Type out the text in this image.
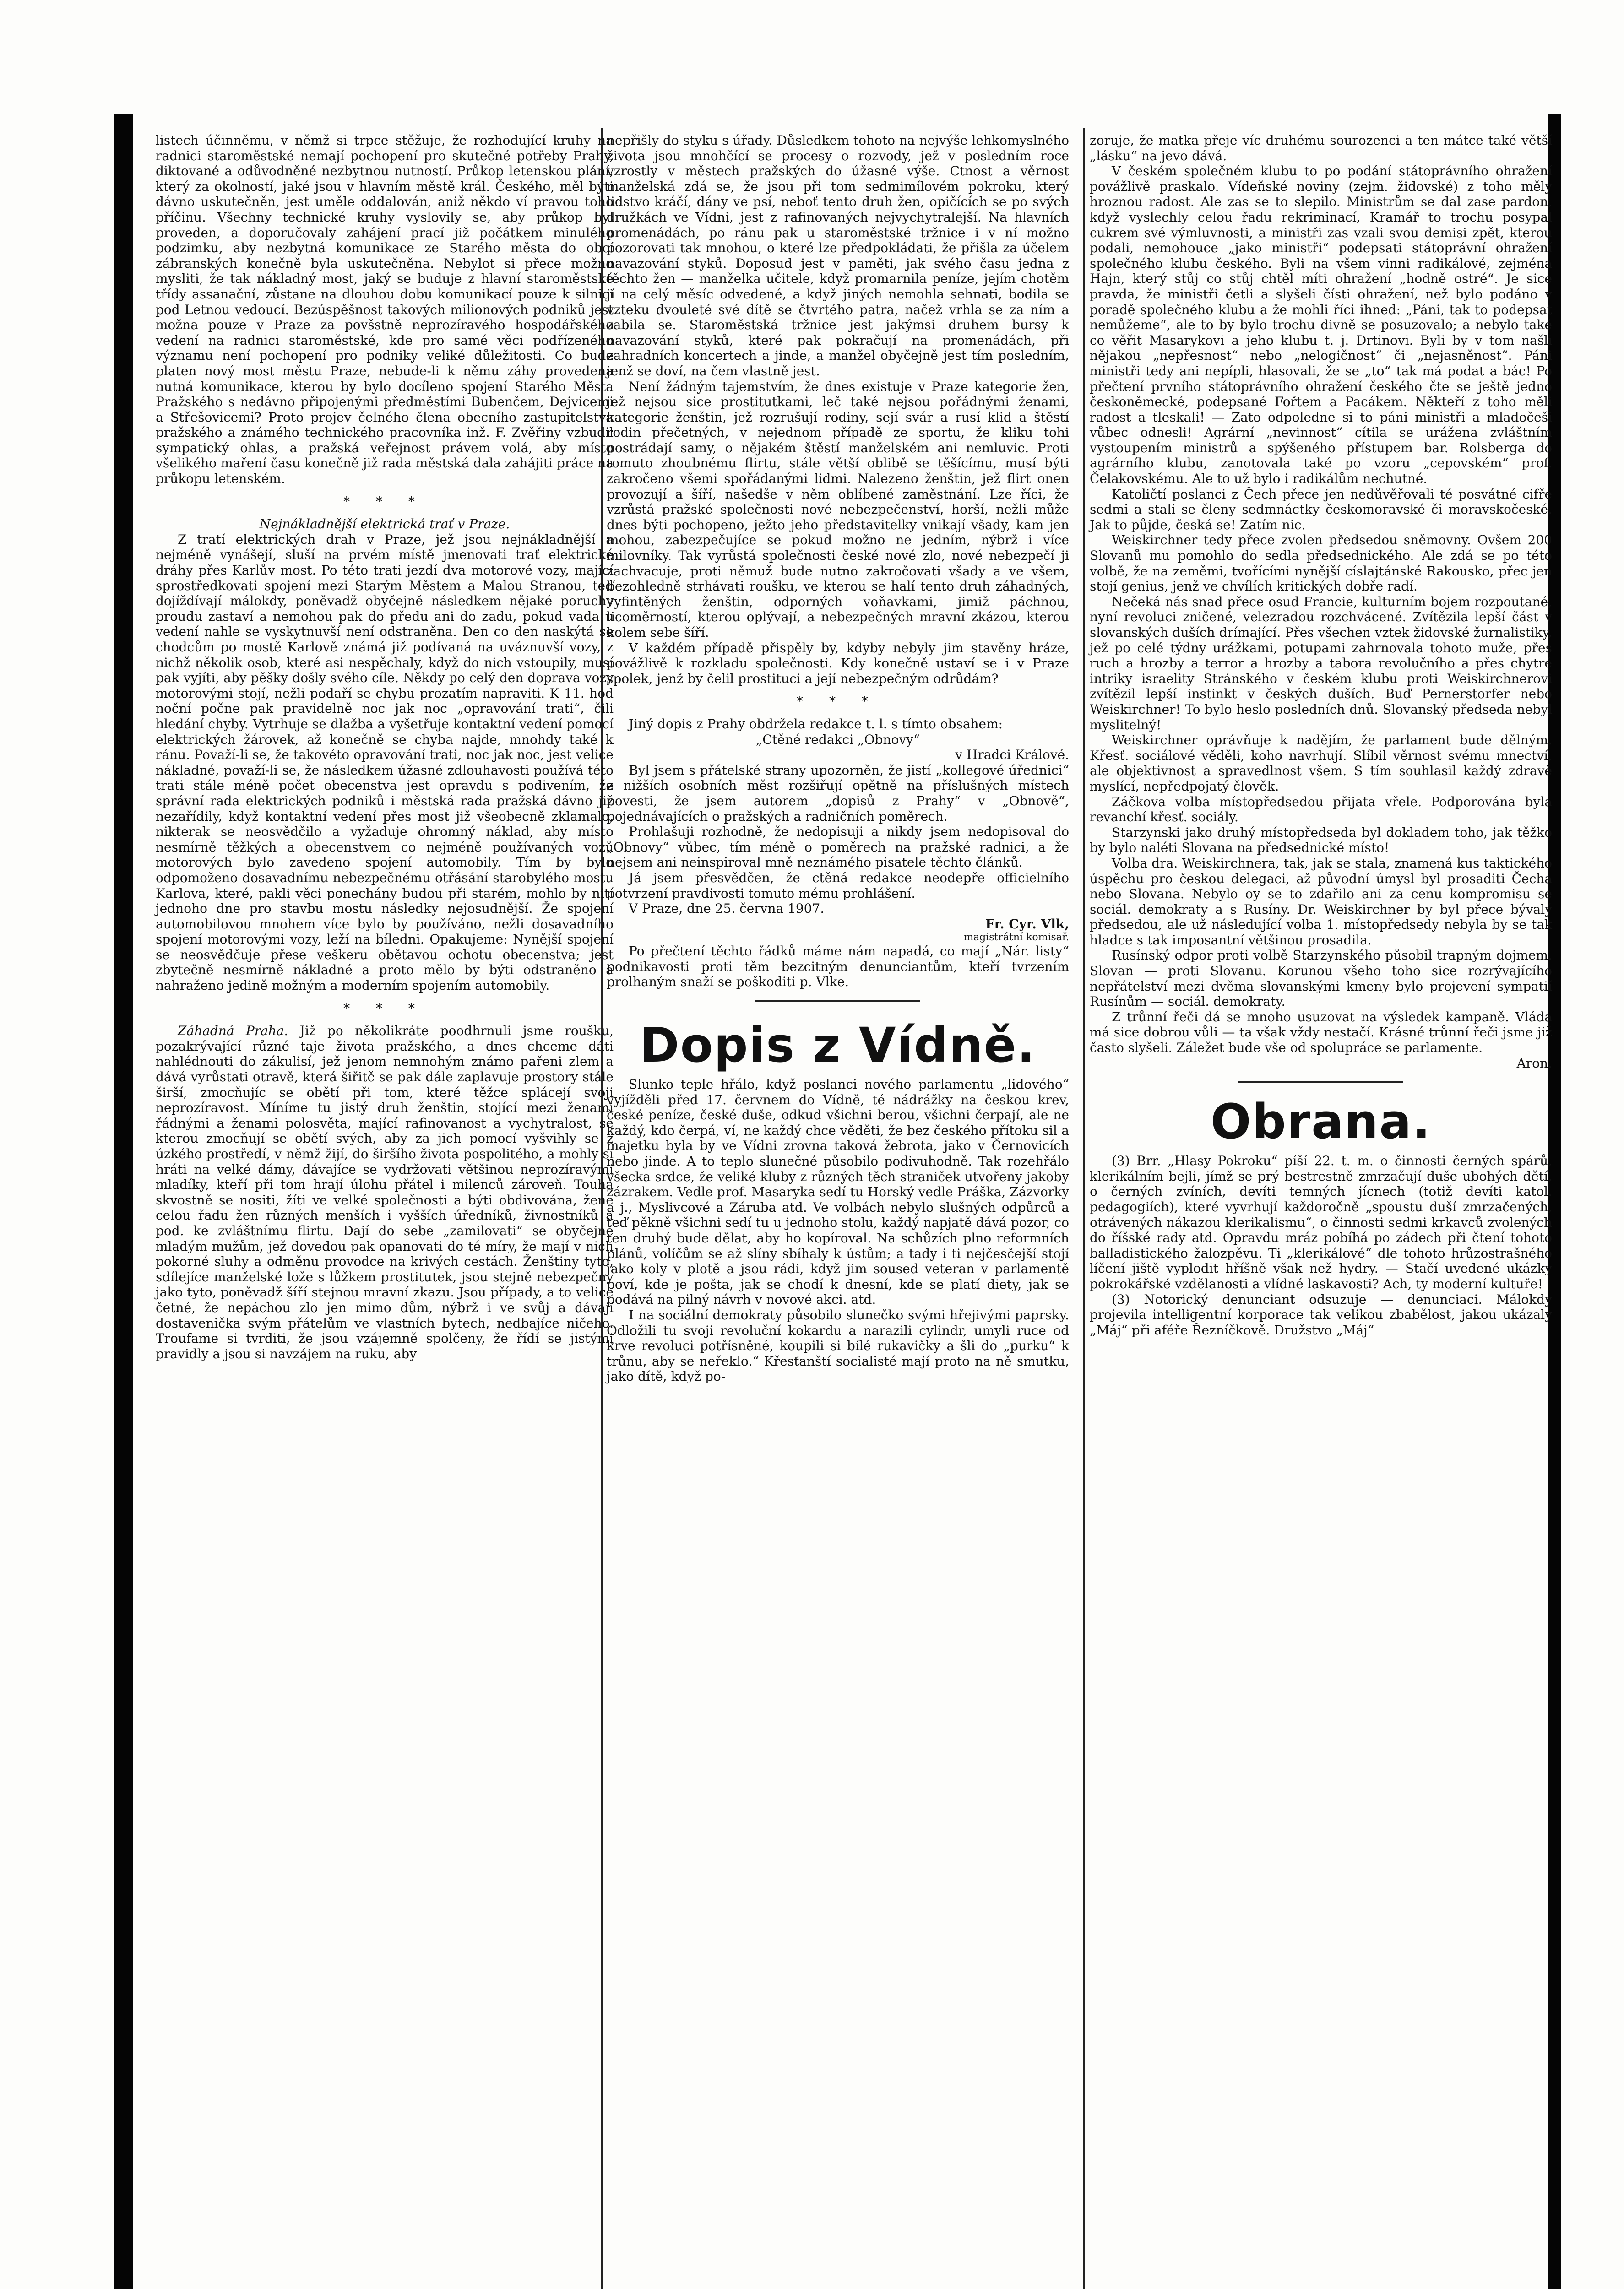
listech účinněmu, v němž si trpce stěžuje, že rozhodující kruhy na radnici staroměstské nemají pochopení pro skutečné potřeby Prahy, diktované a odůvodněné nezbytnou nutností. Průkop letenskou plání, který za okolností, jaké jsou v hlavním městě král. Českého, měl býti dávno uskutečněn, jest uměle oddalován, aniž někdo ví pravou toho příčinu. Všechny technické kruhy vyslovily se, aby průkop byl proveden, a doporučovaly zahájení prací již počátkem minulého podzimku, aby nezbytná komunikace ze Starého města do obcí zábranských konečně byla uskutečněna. Nebylot si přece možno mysliti, že tak nákladný most, jaký se buduje z hlavní staroměstské třídy assanační, zůstane na dlouhou dobu komunikací pouze k silnici pod Letnou vedoucí. Bezúspěšnost takových milionových podniků jest možna pouze v Praze za povšstně neprozíravého hospodářského vedení na radnici staroměstské, kde pro samé věci podřízeného významu není pochopení pro podniky veliké důležitosti. Co bude platen nový most městu Praze, nebude-li k němu záhy provedena nutná komunikace, kterou by bylo docíleno spojení Starého Města Pražského s nedávno připojenými předměstími Bubenčem, Dejvicemi a Střešovicemi? Proto projev čelného člena obecního zastupitelstva pražského a známého technického pracovníka inž. F. Zvěřiny vzbudil sympatický ohlas, a pražská veřejnost právem volá, aby místo všelikého maření času konečně již rada městská dala zahájiti práce na průkopu letenském.

* * *

Nejnákladnější elektrická trať v Praze.

Z tratí elektrických drah v Praze, jež jsou nejnákladnější a nejméně vynášejí, sluší na prvém místě jmenovati trať elektrické dráhy přes Karlův most. Po této trati jezdí dva motorové vozy, mající sprostředkovati spojení mezi Starým Městem a Malou Stranou, teď dojíždívají málokdy, poněvadž obyčejně následkem nějaké poruchy proudu zastaví a nemohou pak do předu ani do zadu, pokud vada u vedení nahle se vyskytnuvší není odstraněna. Den co den naskýtá se chodcům po mostě Karlově známá již podívaná na uváznuvší vozy, z nichž několik osob, které asi nespěchaly, když do nich vstoupily, musí pak vyjíti, aby pěšky došly svého cíle. Někdy po celý den doprava vozy motorovými stojí, nežli podaří se chybu prozatím napraviti. K 11. hod noční počne pak pravidelně noc jak noc „opravování trati“, čili hledání chyby. Vytrhuje se dlažba a vyšetřuje kontaktní vedení pomocí elektrických žárovek, až konečně se chyba najde, mnohdy také k ránu. Považí-li se, že takovéto opravování trati, noc jak noc, jest velice nákladné, považí-li se, že následkem úžasné zdlouhavosti používá této trati stále méně počet obecenstva jest opravdu s podivením, že správní rada elektrických podniků i městská rada pražská dávno již nezařídily, když kontaktní vedení přes most již všeobecně zklamalo, nikterak se neosvědčilo a vyžaduje ohromný náklad, aby místo nesmírně těžkých a obecenstvem co nejméně používaných vozů motorových bylo zavedeno spojení automobily. Tím by bylo odpomoženo dosavadnímu nebezpečnému otřásání starobylého mostu Karlova, které, pakli věci ponechány budou při starém, mohlo by nití jednoho dne pro stavbu mostu následky nejosudnější. Že spojení automobilovou mnohem více bylo by používáno, nežli dosavadního spojení motorovými vozy, leží na bíledni. Opakujeme: Nynější spojení se neosvědčuje přese veškeru obětavou ochotu obecenstva; jest zbytečně nesmírně nákladné a proto mělo by býti odstraněno a nahraženo jedině možným a moderním spojením automobily.

* * *

Záhadná Praha. Již po několikráte poodhrnuli jsme roušku, pozakrývající různé taje života pražského, a dnes chceme dáti nahlédnouti do zákulisí, jež jenom nemnohým známo pařeni zlem a dává vyrůstati otravě, která šiřitč se pak dále zaplavuje prostory stále širší, zmocňujíc se obětí při tom, které těžce splácejí svoji neprozíravost. Míníme tu jistý druh ženštin, stojící mezi ženami řádnými a ženami polosvěta, mající rafinovanost a vychytralost, se kterou zmocňují se obětí svých, aby za jich pomocí vyšvihly se z úzkého prostředí, v němž žijí, do širšího života pospolitého, a mohly si hráti na velké dámy, dávajíce se vydržovati většinou neprozíravými mladíky, kteří při tom hrají úlohu přátel i milenců zároveň. Touha skvostně se nositi, žíti ve velké společnosti a býti obdivována, žene celou řadu žen různých menších i vyšších úředníků, živnostníků a pod. ke zvláštnímu flirtu. Dají do sebe „zamilovati“ se obyčejně mladým mužům, jež dovedou pak opanovati do té míry, že mají v nich pokorné sluhy a odměnu provodce na krivých cestách. Ženštiny tyto, sdílejíce manželské lože s lůžkem prostitutek, jsou stejně nebezpečny jako tyto, poněvadž šíří stejnou mravní zkazu. Jsou případy, a to velice četné, že nepáchou zlo jen mimo dům, nýbrž i ve svůj a dávají dostavenička svým přátelům ve vlastních bytech, nedbajíce ničeho. Troufame si tvrditi, že jsou vzájemně spolčeny, že řídí se jistými pravidly a jsou si navzájem na ruku, aby

nepřišly do styku s úřady. Důsledkem tohoto na nejvýše lehkomyslného života jsou mnohčící se procesy o rozvody, jež v posledním roce vzrostly v městech pražských do úžasné výše. Ctnost a věrnost manželská zdá se, že jsou při tom sedmimílovém pokroku, který lidstvo kráčí, dány ve psí, neboť tento druh žen, opičících se po svých družkách ve Vídni, jest z rafinovaných nejvychytralejší. Na hlavních promenádách, po ránu pak u staroměstské tržnice i v ní možno pozorovati tak mnohou, o které lze předpokládati, že přišla za účelem navazování styků. Doposud jest v paměti, jak svého času jedna z těchto žen — manželka učitele, když promarnila peníze, jejím chotěm jí na celý měsíc odvedené, a když jiných nemohla sehnati, bodila se vzteku dvouleté své dítě se čtvrtého patra, načež vrhla se za ním a zabila se. Staroměstská tržnice jest jakýmsi druhem bursy k navazování styků, které pak pokračují na promenádách, při zahradních koncertech a jinde, a manžel obyčejně jest tím posledním, jenž se doví, na čem vlastně jest.

Není žádným tajemstvím, že dnes existuje v Praze kategorie žen, jež nejsou sice prostitutkami, leč také nejsou pořádnými ženami, kategorie ženštin, jež rozrušují rodiny, sejí svár a rusí klid a štěstí rodin přečetných, v nejednom případě ze sportu, že kliku tohi postrádají samy, o nějakém štěstí manželském ani nemluvic. Proti tomuto zhoubnému flirtu, stále větší oblibě se těšícímu, musí býti zakročeno všemi spořádanými lidmi. Nalezeno ženštin, jež flirt onen provozují a šíří, našedše v něm oblíbené zaměstnání. Lze říci, že vzrůstá pražské společnosti nové nebezpečenství, horší, nežli může dnes býti pochopeno, ježto jeho představitelky vnikají všady, kam jen mohou, zabezpečujíce se pokud možno ne jedním, nýbrž i více milovníky. Tak vyrůstá společnosti české nové zlo, nové nebezpečí ji zachvacuje, proti němuž bude nutno zakročovati všady a ve všem, bezohledně strhávati roušku, ve kterou se halí tento druh záhadných, vyfintěných ženštin, odporných voňavkami, jimiž páchnou, licoměrností, kterou oplývají, a nebezpečných mravní zkázou, kterou kolem sebe šíří.

V každém případě přispěly by, kdyby nebyly jim stavěny hráze, povážlivě k rozkladu společnosti. Kdy konečně ustaví se i v Praze spolek, jenž by čelil prostituci a její nebezpečným odrůdám?

* * *

Jiný dopis z Prahy obdržela redakce t. l. s tímto obsahem:

„Ctěné redakci „Obnovy“

v Hradci Králové.

Byl jsem s přátelské strany upozorněn, že jistí „kollegové úřednici“ z nižších osobních měst rozšiřují opětně na příslušných místech povesti, že jsem autorem „dopisů z Prahy“ v „Obnově“, pojednávajících o pražských a radničních poměrech.

Prohlašuji rozhodně, že nedopisuji a nikdy jsem nedopisoval do „Obnovy“ vůbec, tím méně o poměrech na pražské radnici, a že nejsem ani neinspiroval mně neznámého pisatele těchto článků.

Já jsem přesvědčen, že ctěná redakce neodepře officielního potvrzení pravdivosti tomuto mému prohlášení.

V Praze, dne 25. června 1907.

Fr. Cyr. Vlk,

magistrátní komisař.

Po přečtení těchto řádků máme nám napadá, co mají „Nár. listy“ podnikavosti proti těm bezcitným denunciantům, kteří tvrzením prolhaným snaží se poškoditi p. Vlke.

Dopis z Vídně.

Slunko teple hřálo, když poslanci nového parlamentu „lidového“ vyjížděli před 17. červnem do Vídně, té nádrážky na českou krev, české peníze, české duše, odkud všichni berou, všichni čerpají, ale ne každý, kdo čerpá, ví, ne každý chce věděti, že bez českého přítoku sil a majetku byla by ve Vídni zrovna taková žebrota, jako v Černovicích nebo jinde. A to teplo slunečné působilo podivuhodně. Tak rozehřálo všecka srdce, že veliké kluby z různých těch straniček utvořeny jakoby zázrakem. Vedle prof. Masaryka sedí tu Horský vedle Práška, Zázvorky a j., Myslivcové a Záruba atd. Ve volbách nebylo slušných odpůrců a teď pěkně všichni sedí tu u jednoho stolu, každý napjatě dává pozor, co ten druhý bude dělat, aby ho kopíroval. Na schůzích plno reformních plánů, volíčům se až slíny sbíhaly k ústům; a tady i ti nejčesčejší stojí jako koly v plotě a jsou rádi, když jim soused veteran v parlamentě poví, kde je pošta, jak se chodí k dnesní, kde se platí diety, jak se podává na pilný návrh v novové akci. atd.

I na sociální demokraty působilo slunečko svými hřejivými paprsky. Odložili tu svoji revoluční kokardu a narazili cylindr, umyli ruce od krve revoluci potřísněné, koupili si bílé rukavičky a šli do „purku“ k trůnu, aby se neřeklo.“ Křesťanští socialisté mají proto na ně smutku, jako dítě, když po-

zoruje, že matka přeje víc druhému sourozenci a ten mátce také větší „lásku“ na jevo dává.

V českém společném klubu to po podání státoprávního ohražení povážlivě praskalo. Vídeňské noviny (zejm. židovské) z toho měly hroznou radost. Ale zas se to slepilo. Ministrům se dal zase pardon, když vyslechly celou řadu rekriminací, Kramář to trochu posypal cukrem své výmluvnosti, a ministři zas vzali svou demisi zpět, kterou podali, nemohouce „jako ministři“ podepsati státoprávní ohražení společného klubu českého. Byli na všem vinni radikálové, zejména Hajn, který stůj co stůj chtěl míti ohražení „hodně ostré“. Je sice pravda, že ministři četli a slyšeli čísti ohražení, než bylo podáno v poradě společného klubu a že mohli říci ihned: „Páni, tak to podepsat nemůžeme“, ale to by bylo trochu divně se posuzovalo; a nebylo také co věřit Masarykovi a jeho klubu t. j. Drtinovi. Byli by v tom našli nějakou „nepřesnost“ nebo „nelogičnost“ či „nejasněnost“. Páni ministři tedy ani nepípli, hlasovali, že se „to“ tak má podat a bác! Po přečtení prvního státoprávního ohražení českého čte se ještě jedno českoněmecké, podepsané Fořtem a Pacákem. Někteří z toho měli radost a tleskali! — Zato odpoledne si to páni ministři a mladočeši vůbec odnesli! Agrární „nevinnost“ cítila se urážena zvláštním vystoupením ministrů a spýšeného přístupem bar. Rolsberga do agrárního klubu, zanotovala také po vzoru „cepovském“ prof. Čelakovskému. Ale to už bylo i radikálům nechutné.

Katoličtí poslanci z Čech přece jen nedůvěřovali té posvátné cifře sedmi a stali se členy sedmnáctky českomoravské či moravskočeské. Jak to půjde, česká se! Zatím nic.

Weiskirchner tedy přece zvolen předsedou sněmovny. Ovšem 200 Slovanů mu pomohlo do sedla předsednického. Ale zdá se po této volbě, že na zeměmi, tvořícími nynější císlajtánské Rakousko, přec jen stojí genius, jenž ve chvílích kritických dobře radí.

Nečeká nás snad přece osud Francie, kulturním bojem rozpoutané, nyní revoluci zničené, velezradou rozchvácené. Zvítězila lepší část v slovanských duších drímající. Přes všechen vztek židovské žurnalistiky, jež po celé týdny urážkami, potupami zahrnovala tohoto muže, přes ruch a hrozby a terror a hrozby a tabora revolučního a přes chytré intriky israelity Stránského v českém klubu proti Weiskirchnerovi zvítězil lepší instinkt v českých duších. Buď Pernerstorfer nebo Weiskirchner! To bylo heslo posledních dnů. Slovanský předseda nebyl myslitelný!

Weiskirchner oprávňuje k nadějím, že parlament bude dělným. Křesť. sociálové věděli, koho navrhují. Slíbil věrnost svému mnectví, ale objektivnost a spravedlnost všem. S tím souhlasil každý zdravě myslící, nepředpojatý člověk.

Záčkova volba místopředsedou přijata vřele. Podporována byla revanchí křesť. sociály.

Starzynski jako druhý místopředseda byl dokladem toho, jak těžko by bylo naléti Slovana na předsednické místo!

Volba dra. Weiskirchnera, tak, jak se stala, znamená kus taktického úspěchu pro českou delegaci, až původní úmysl byl prosaditi Čecha nebo Slovana. Nebylo oy se to zdařilo ani za cenu kompromisu se sociál. demokraty a s Rusíny. Dr. Weiskirchner by byl přece bývalý předsedou, ale už následující volba 1. místopředsedy nebyla by se tak hladce s tak imposantní většinou prosadila.

Rusínský odpor proti volbě Starzynského působil trapným dojmem. Slovan — proti Slovanu. Korunou všeho toho sice rozrývajícího nepřátelství mezi dvěma slovanskými kmeny bylo projevení sympatií Rusínům — sociál. demokraty.

Z trůnní řeči dá se mnoho usuzovat na výsledek kampaně. Vláda má sice dobrou vůli — ta však vždy nestačí. Krásné trůnní řeči jsme již často slyšeli. Záležet bude vše od spolupráce se parlamente.

Aron.

Obrana.

(3) Brr. „Hlasy Pokroku“ píší 22. t. m. o činnosti černých spárů, klerikálním bejli, jímž se prý bestrestně zmrzačují duše ubohých dětí, o černých zvíních, devíti temných jícnech (totiž devíti katol. pedagogiích), které vyvrhují každoročně „spoustu duší zmrzačených, otrávených nákazou klerikalismu“, o činnosti sedmi krkavců zvolených do říšské rady atd. Opravdu mráz pobíhá po zádech při čtení tohoto balladistického žalozpěvu. Ti „klerikálové“ dle tohoto hrůzostrašného líčení jiště vyplodit hříšně však než hydry. — Stačí uvedené ukázky pokrokářské vzdělanosti a vlídné laskavosti? Ach, ty moderní kultuře!

(3) Notorický denunciant odsuzuje — denunciaci. Málokdy projevila intelligentní korporace tak velikou zbabělost, jakou ukázaly „Máj“ při aféře Řezníčkově. Družstvo „Máj“
